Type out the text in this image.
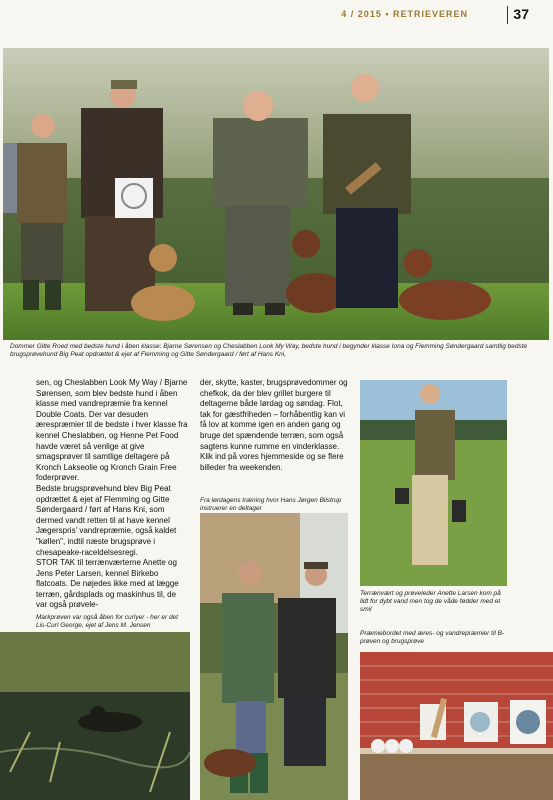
4 / 2015 • RETRIEVEREN	37
Dommer Gitte Roed med bedste hund i åben klasse: Bjarne Sørensen og Cheslabben Look My Way, bedste hund i begynder klasse Iona og Flemming Søndergaard samtlig bedste brugsprøvehund Big Peat opdrættet & ejet af Flemming og Gitte Søndergaard / ført af Hans Kni,

sen, og Cheslabben Look My Way / Bjarne Sørensen, som blev bedste hund i åben klasse med vandrepræmie fra kennel Double Coats. Der var desuden ærespræmier til de bedste i hver klasse fra kennel Cheslabben, og Henne Pet Food havde været så venlige at give smagsprøver til samtlige deltagere på Kronch Lakseolie og Kronch Grain Free foderprøver.

Bedste brugsprøvehund blev Big Peat opdrættet & ejet af Flemming og Gitte Søndergaard / ført af Hans Kni, som dermed vandt retten til at have kennel Jægerspris' vandrepræmie, også kaldet "køllen", indtil næste brugsprøve i chesapeake-raceldelsesregi.

STOR TAK til terrænværterne Anette og Jens Peter Larsen, kennel Birkebo flatcoats. De nøjedes ikke med at lægge terræn, gårdsplads og maskinhus til, de var også prøvele-

Markprøven var også åben for curlyer - her er det Lis-Curl George, ejet af Jens M. Jensen

der, skytte, kaster, brugsprøvedommer og chefkok, da der blev grillet burgere til deltagerne både lørdag og søndag. Flot, tak for gæstfriheden – forhåbentlig kan vi få lov at komme igen en anden gang og bruge det spændende terræn, som også sagtens kunne rumme en vinderklasse.

Klik ind på vores hjemmeside og se flere billeder fra weekenden.

Fra lørdagens træning hvor Hans Jørgen Bilstrup instruerer en deltager
Terrænvært og prøveleder Anette Larsen kom på lidt for dybt vand men tog de våde fødder med et smil
Præmiebordet med æres- og vandrepræmier til B-prøven og brugsprøve
